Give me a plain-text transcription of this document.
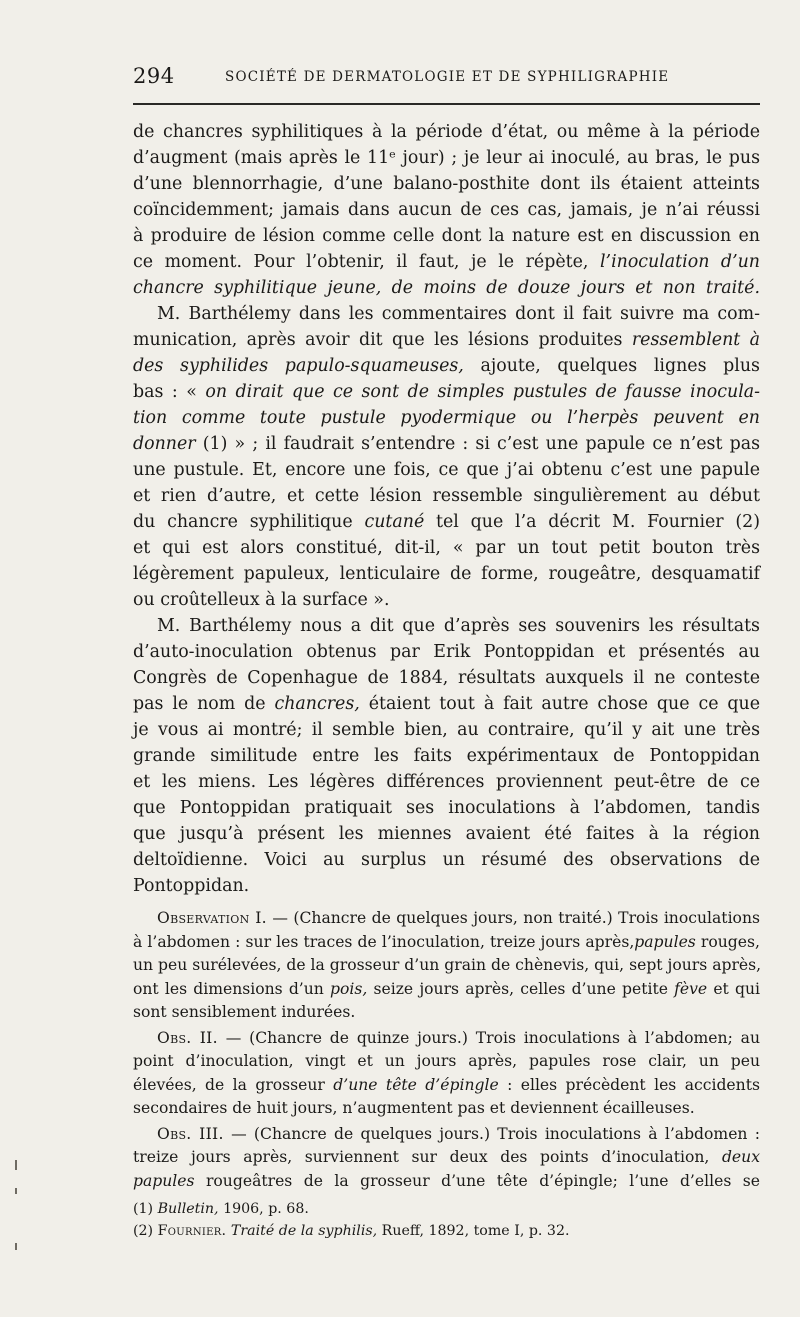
294	SOCIÉTÉ DE DERMATOLOGIE ET DE SYPHILIGRAPHIE
de chancres syphilitiques à la période d’état, ou même à la période
d’augment (mais après le 11ᵉ jour) ; je leur ai inoculé, au bras, le pus
d’une blennorrhagie, d’une balano-posthite dont ils étaient atteints
coïncidemment; jamais dans aucun de ces cas, jamais, je n’ai réussi
à produire de lésion comme celle dont la nature est en discussion en
ce moment. Pour l’obtenir, il faut, je le répète, l’inoculation d’un
chancre syphilitique jeune, de moins de douze jours et non traité.
M. Barthélemy dans les commentaires dont il fait suivre ma com-
munication, après avoir dit que les lésions produites ressemblent à
des syphilides papulo-squameuses, ajoute, quelques lignes plus
bas : « on dirait que ce sont de simples pustules de fausse inocula-
tion comme toute pustule pyodermique ou l’herpès peuvent en
donner (1) » ; il faudrait s’entendre : si c’est une papule ce n’est pas
une pustule. Et, encore une fois, ce que j’ai obtenu c’est une papule
et rien d’autre, et cette lésion ressemble singulièrement au début
du chancre syphilitique cutané tel que l’a décrit M. Fournier (2)
et qui est alors constitué, dit-il, « par un tout petit bouton très
légèrement papuleux, lenticulaire de forme, rougeâtre, desquamatif
ou croûtelleux à la surface ».
M. Barthélemy nous a dit que d’après ses souvenirs les résultats
d’auto-inoculation obtenus par Erik Pontoppidan et présentés au
Congrès de Copenhague de 1884, résultats auxquels il ne conteste
pas le nom de chancres, étaient tout à fait autre chose que ce que
je vous ai montré; il semble bien, au contraire, qu’il y ait une très
grande similitude entre les faits expérimentaux de Pontoppidan
et les miens. Les légères différences proviennent peut-être de ce
que Pontoppidan pratiquait ses inoculations à l’abdomen, tandis
que jusqu’à présent les miennes avaient été faites à la région
deltoïdienne. Voici au surplus un résumé des observations de
Pontoppidan.
Observation I. — (Chancre de quelques jours, non traité.) Trois inoculations
à l’abdomen : sur les traces de l’inoculation, treize jours après,papules rouges,
un peu surélevées, de la grosseur d’un grain de chènevis, qui, sept jours après,
ont les dimensions d’un pois, seize jours après, celles d’une petite fève et qui
sont sensiblement indurées.
Obs. II. — (Chancre de quinze jours.) Trois inoculations à l’abdomen; au
point d’inoculation, vingt et un jours après, papules rose clair, un peu
élevées, de la grosseur d’une tête d’épingle : elles précèdent les accidents
secondaires de huit jours, n’augmentent pas et deviennent écailleuses.
Obs. III. — (Chancre de quelques jours.) Trois inoculations à l’abdomen :
treize jours après, surviennent sur deux des points d’inoculation, deux
papules rougeâtres de la grosseur d’une tête d’épingle; l’une d’elles se
(1) Bulletin, 1906, p. 68.
(2) Fournier. Traité de la syphilis, Rueff, 1892, tome I, p. 32.
